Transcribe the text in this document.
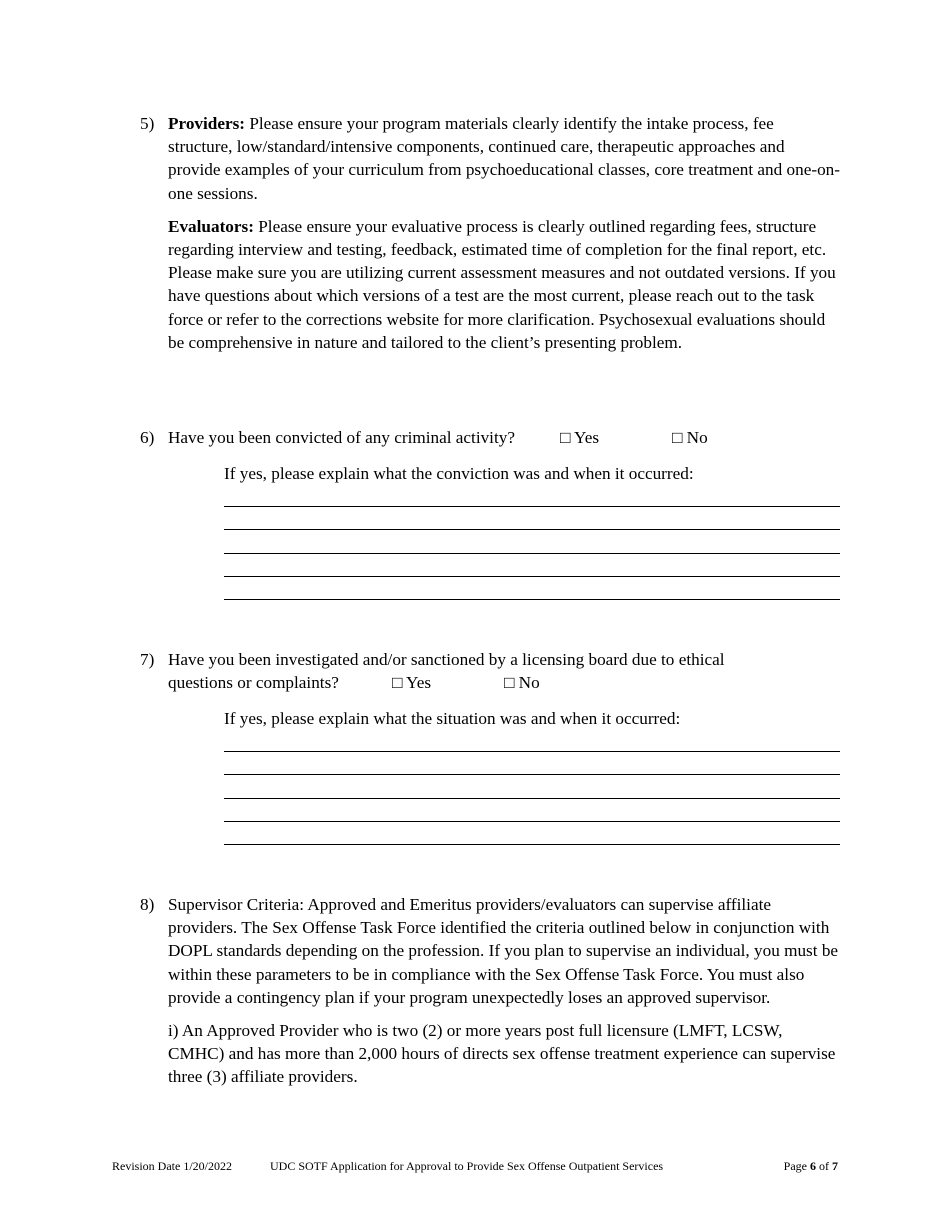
5) Providers: Please ensure your program materials clearly identify the intake process, fee structure, low/standard/intensive components, continued care, therapeutic approaches and provide examples of your curriculum from psychoeducational classes, core treatment and one-on-one sessions.

Evaluators: Please ensure your evaluative process is clearly outlined regarding fees, structure regarding interview and testing, feedback, estimated time of completion for the final report, etc. Please make sure you are utilizing current assessment measures and not outdated versions. If you have questions about which versions of a test are the most current, please reach out to the task force or refer to the corrections website for more clarification. Psychosexual evaluations should be comprehensive in nature and tailored to the client’s presenting problem.

6) Have you been convicted of any criminal activity?	□ Yes	□ No
If yes, please explain what the conviction was and when it occurred:
7) Have you been investigated and/or sanctioned by a licensing board due to ethical

questions or complaints?	□ Yes	□ No

If yes, please explain what the situation was and when it occurred:
8) Supervisor Criteria: Approved and Emeritus providers/evaluators can supervise affiliate providers. The Sex Offense Task Force identified the criteria outlined below in conjunction with DOPL standards depending on the profession. If you plan to supervise an individual, you must be within these parameters to be in compliance with the Sex Offense Task Force. You must also provide a contingency plan if your program unexpectedly loses an approved supervisor.

i) An Approved Provider who is two (2) or more years post full licensure (LMFT, LCSW, CMHC) and has more than 2,000 hours of directs sex offense treatment experience can supervise three (3) affiliate providers.

Revision Date 1/20/2022	UDC SOTF Application for Approval to Provide Sex Offense Outpatient Services	Page 6 of 7
